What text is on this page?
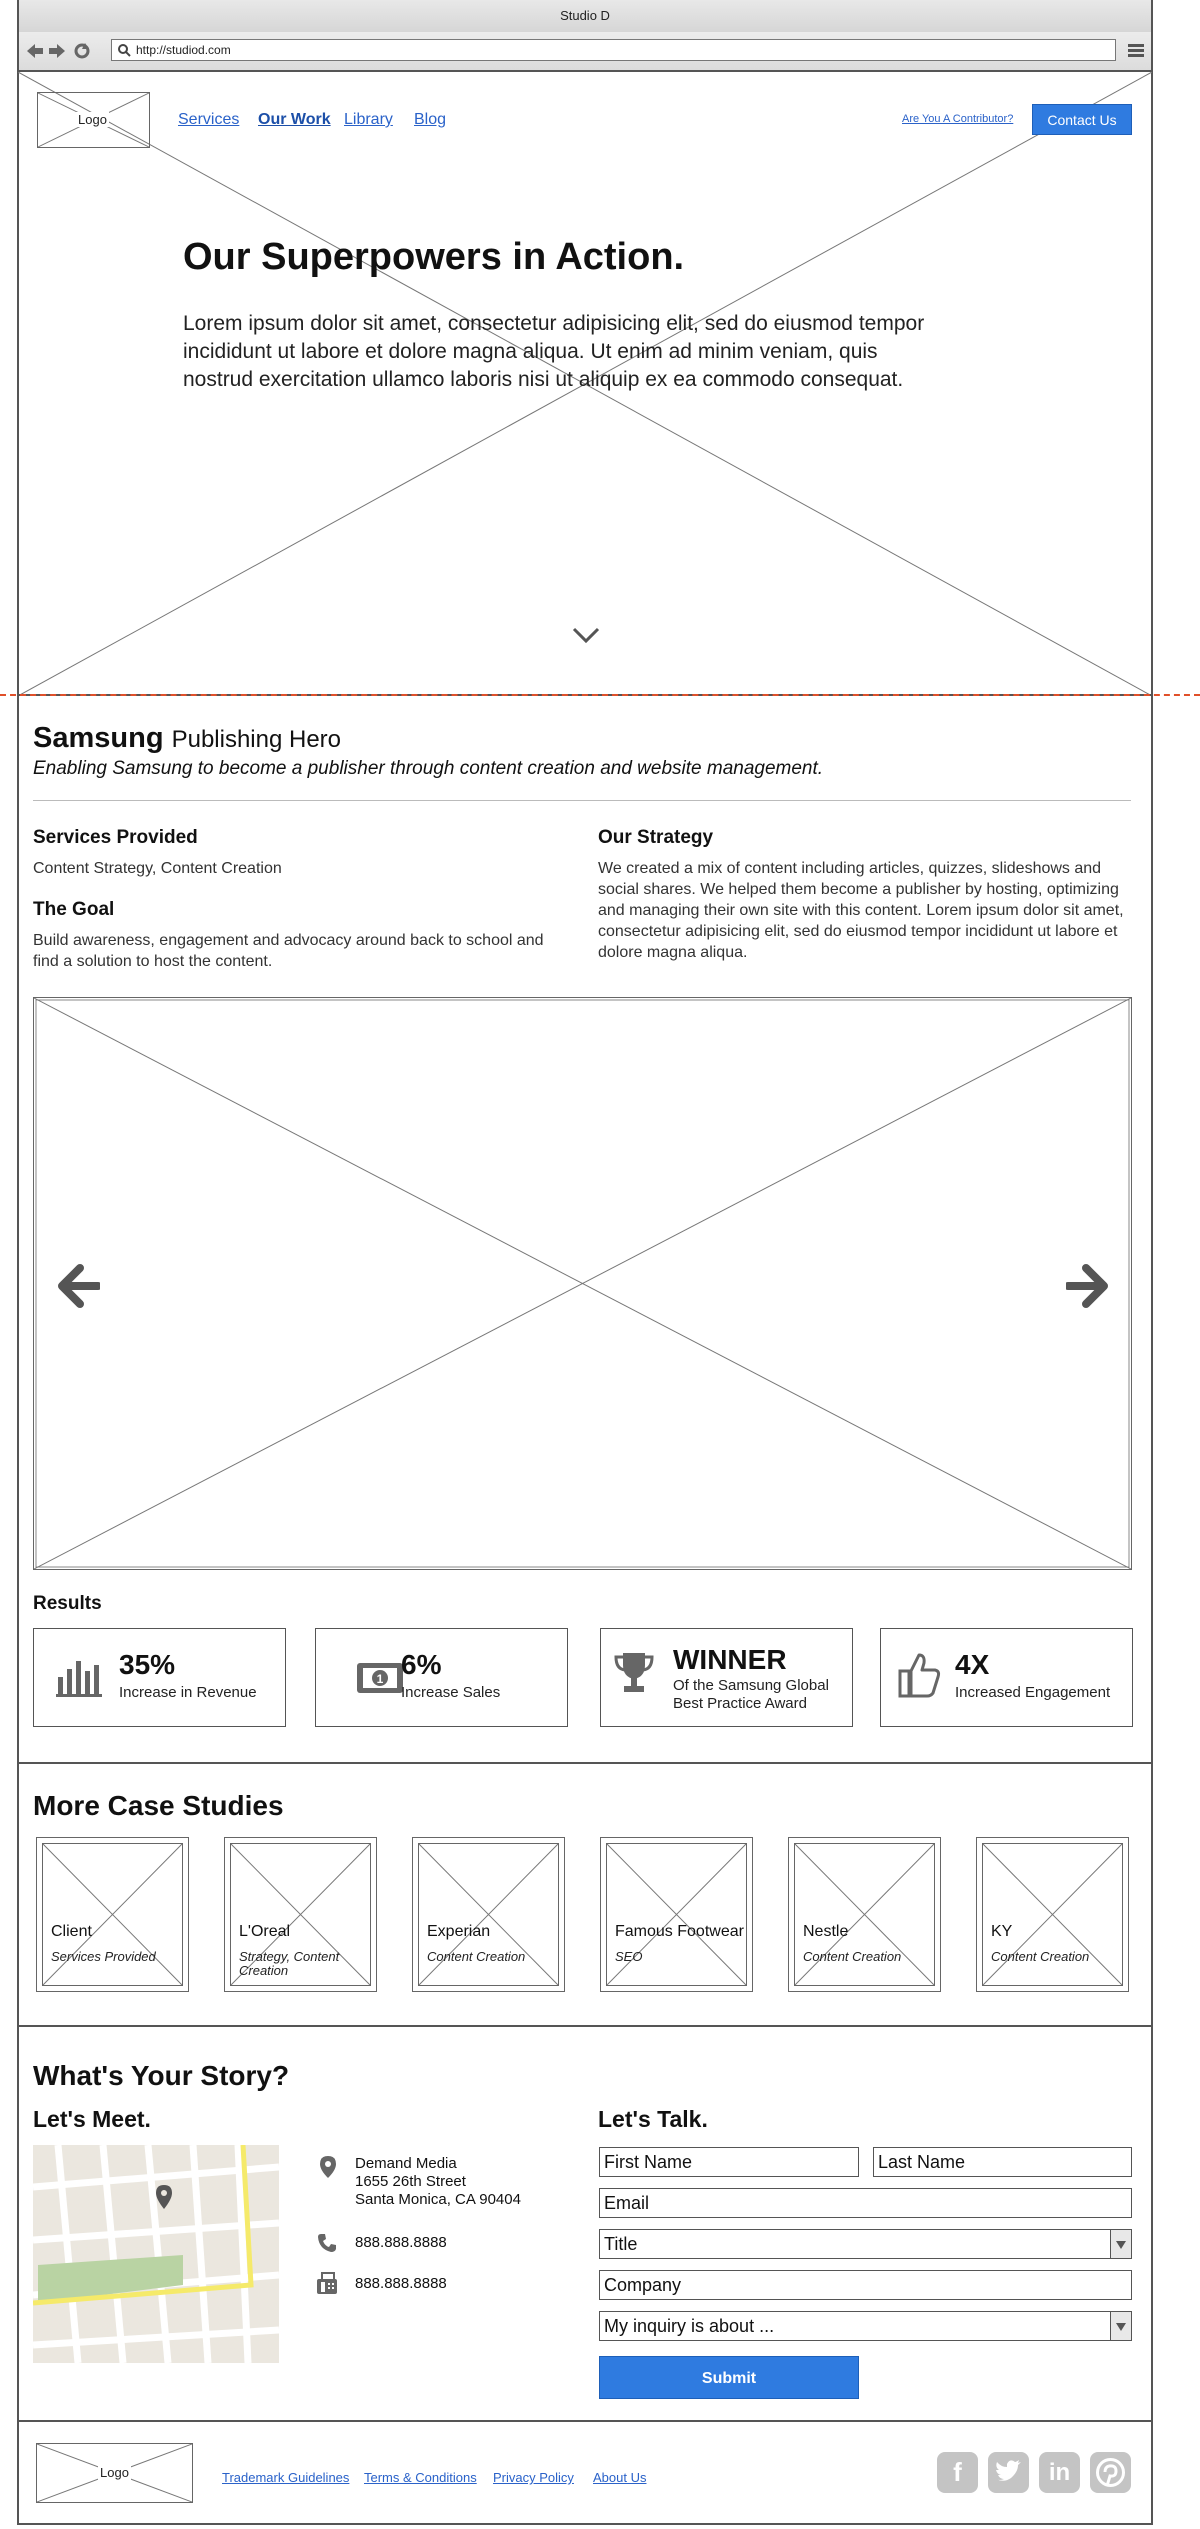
Studio D
http://studiod.com
Logo	Services Our Work Library Blog	Are You A Contributor?	Contact Us
Our Superpowers in Action.
Lorem ipsum dolor sit amet, consectetur adipisicing elit, sed do eiusmod tempor incididunt ut labore et dolore magna aliqua. Ut enim ad minim veniam, quis nostrud exercitation ullamco laboris nisi ut aliquip ex ea commodo consequat.
Samsung Publishing Hero
Enabling Samsung to become a publisher through content creation and website management.
Services Provided
Content Strategy, Content Creation
The Goal
Build awareness, engagement and advocacy around back to school and find a solution to host the content.
Our Strategy
We created a mix of content including articles, quizzes, slideshows and social shares. We helped them become a publisher by hosting, optimizing and managing their own site with this content. Lorem ipsum dolor sit amet, consectetur adipisicing elit, sed do eiusmod tempor incididunt ut labore et dolore magna aliqua.
Results
35%
Increase in Revenue
1 6%
Increase Sales
WINNER
Of the Samsung Global Best Practice Award
4X
Increased Engagement
More Case Studies
Client
Services Provided
L'Oreal
Strategy, Content Creation
Experian
Content Creation
Famous Footwear
SEO
Nestle
Content Creation
KY
Content Creation
What's Your Story?
Let's Meet.	Let's Talk.
Demand Media
1655 26th Street
Santa Monica, CA 90404
888.888.8888
888.888.8888
First Name	Last Name
Email
Title
Company
My inquiry is about ...
Submit
Logo	Trademark Guidelines Terms & Conditions Privacy Policy About Us	f	in
